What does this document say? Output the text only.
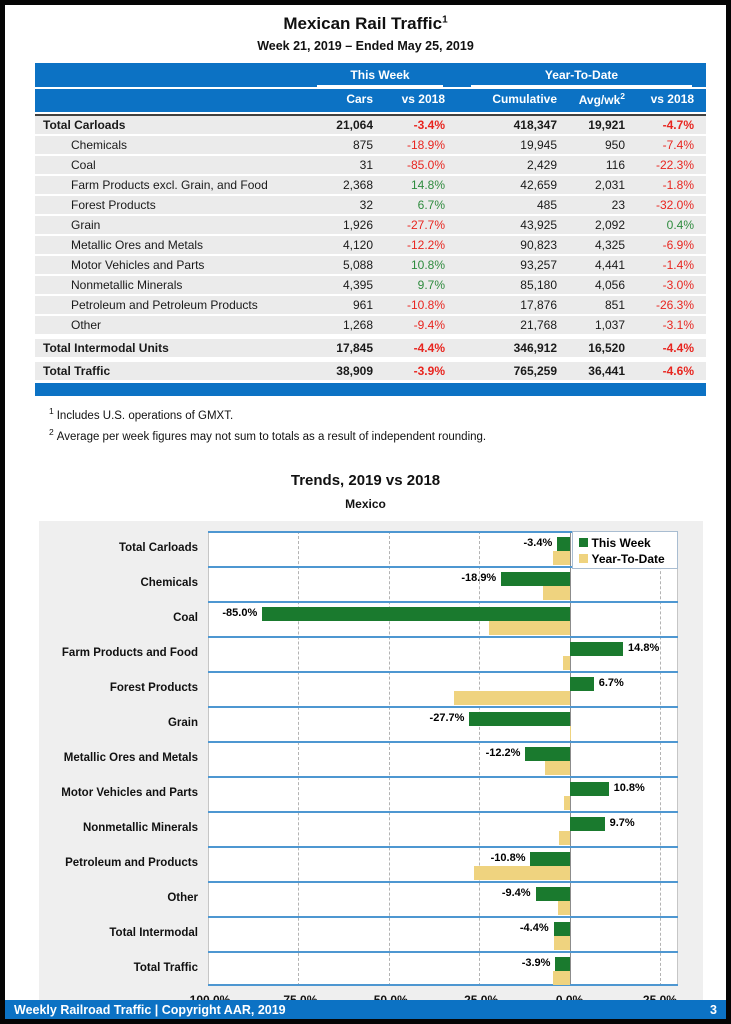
Mexican Rail Traffic$^1$
Week 21, 2019 – Ended May 25, 2019

	This Week		Year-To-Date		

	Cars	vs 2018	Cumulative	Avg/$wk^2$	vs 2018
Total Carloads	21,064	-3.4%	418,347	19,921	-4.7%
Chemicals	875	-18.9%	19,945	950	-7.4%
Coal	31	-85.0%	2,429	116	-22.3%
Farm Products excl. Grain, and Food	2,368	14.8%	42,659	2,031	-1.8%
Forest Products	32	6.7%	485	23	-32.0%
Grain	1,926	-27.7%	43,925	2,092	0.4%
Metallic Ores and Metals	4,120	-12.2%	90,823	4,325	-6.9%
Motor Vehicles and Parts	5,088	10.8%	93,257	4,441	-1.4%
Nonmetallic Minerals	4,395	9.7%	85,180	4,056	-3.0%
Petroleum and Petroleum Products	961	-10.8%	17,876	851	-26.3%
Other	1,268	-9.4%	21,768	1,037	-3.1%
Total Intermodal Units	17,845	-4.4%	346,912	16,520	-4.4%
Total Traffic	38,909	-3.9%	765,259	36,441	-4.6%
$^1$ Includes U.S. operations of GMXT.
$^2$ Average per week figures may not sum to totals as a result of independent rounding.
Trends, 2019 vs 2018
Mexico
This Week
Year-To-Date
Total Carloads	-3.4%
Chemicals	-18.9%
Coal -85.0%
Farm Products and Food	14.8%
Forest Products	6.7%
Grain	-27.7%
Metallic Ores and Metals	-12.2%
Motor Vehicles and Parts	10.8%
Nonmetallic Minerals	9.7%
Petroleum and Products	-10.8%
Other	-9.4%
Total Intermodal	-4.4%
Total Traffic	-3.9%
Weekly Railroad Traffic | Copyright AAR, 2019	3
